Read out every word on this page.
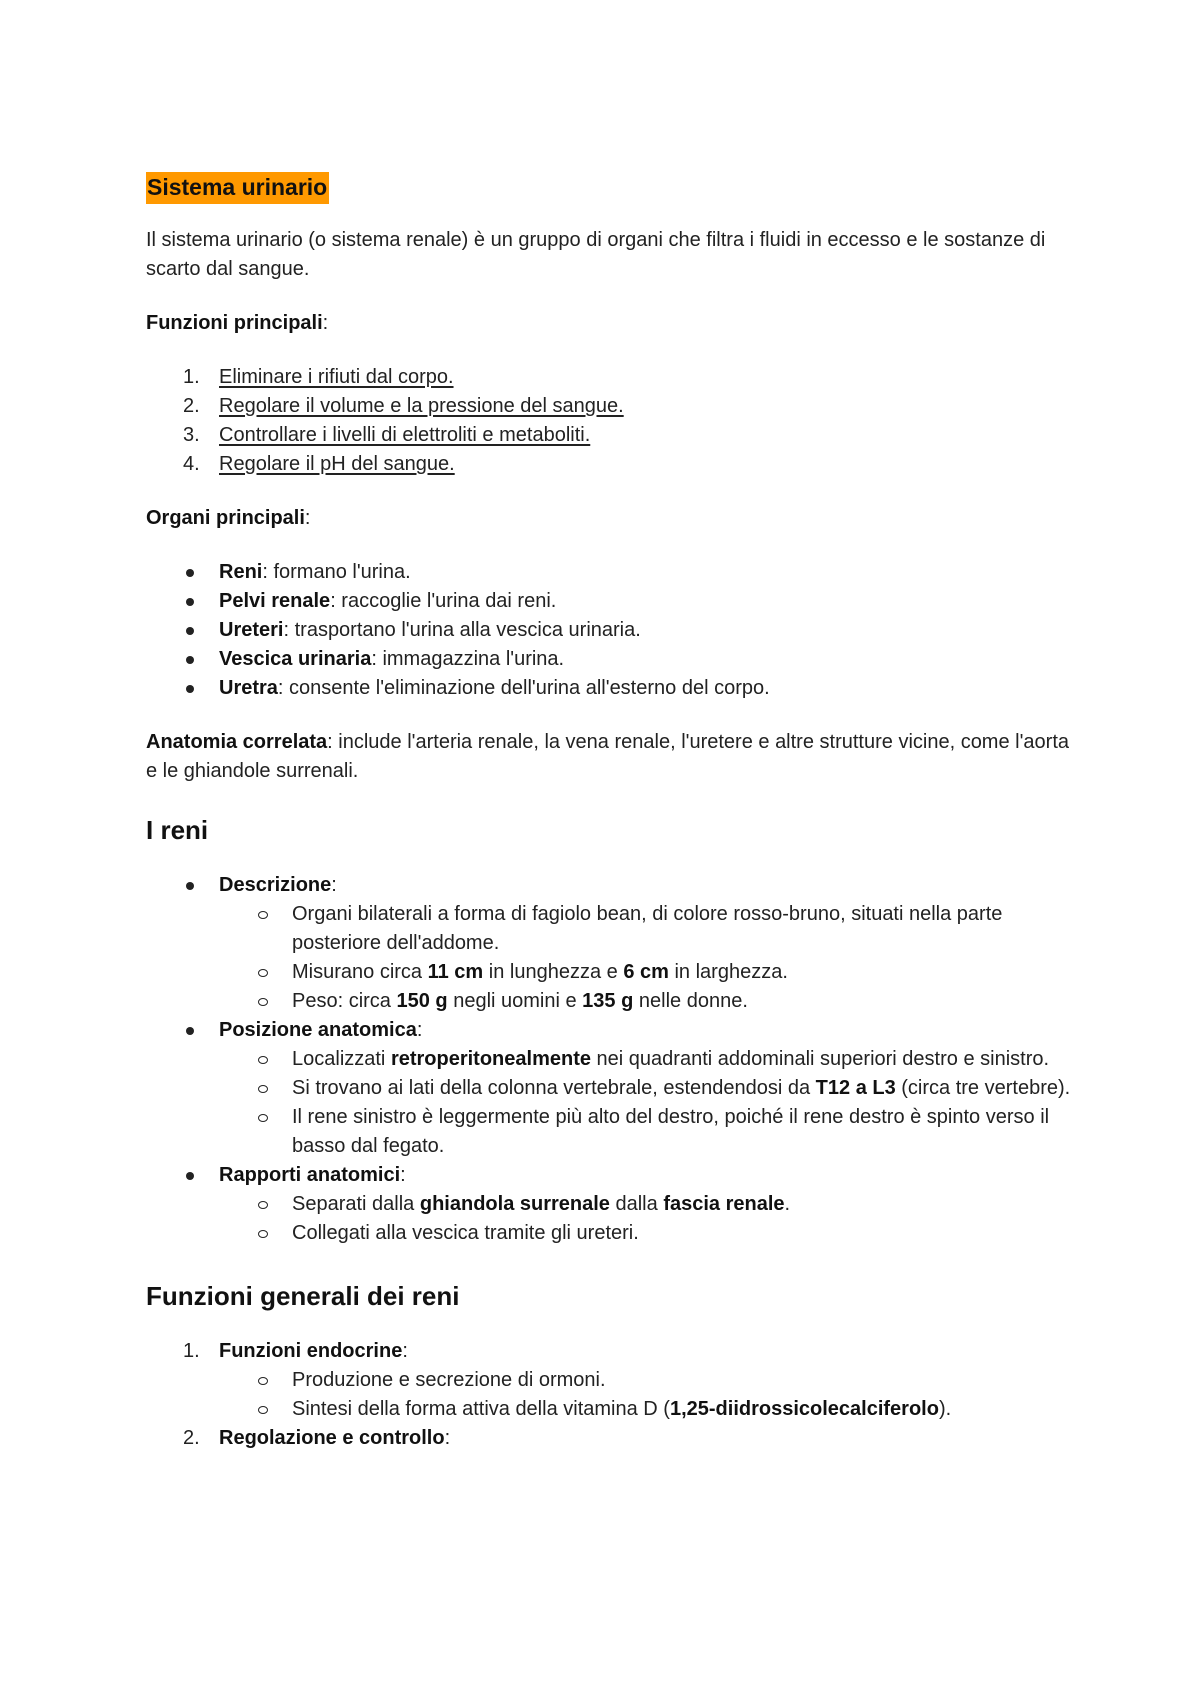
Sistema urinario

Il sistema urinario (o sistema renale) è un gruppo di organi che filtra i fluidi in eccesso e le sostanze di scarto dal sangue.

Funzioni principali:

1. Eliminare i rifiuti dal corpo.
2. Regolare il volume e la pressione del sangue.
3. Controllare i livelli di elettroliti e metaboliti.
4. Regolare il pH del sangue.

Organi principali:

Reni: formano l'urina.
Pelvi renale: raccoglie l'urina dai reni.
Ureteri: trasportano l'urina alla vescica urinaria.
Vescica urinaria: immagazzina l'urina.
Uretra: consente l'eliminazione dell'urina all'esterno del corpo.

Anatomia correlata: include l'arteria renale, la vena renale, l'uretere e altre strutture vicine, come l'aorta e le ghiandole surrenali.

I reni
Descrizione:
Organi bilaterali a forma di fagiolo bean, di colore rosso-bruno, situati nella parte posteriore dell'addome.
Misurano circa 11 cm in lunghezza e 6 cm in larghezza.
Peso: circa 150 g negli uomini e 135 g nelle donne.
Posizione anatomica:
Localizzati retroperitonealmente nei quadranti addominali superiori destro e sinistro.
Si trovano ai lati della colonna vertebrale, estendendosi da T12 a L3 (circa tre vertebre).
Il rene sinistro è leggermente più alto del destro, poiché il rene destro è spinto verso il basso dal fegato.
Rapporti anatomici:
Separati dalla ghiandola surrenale dalla fascia renale.
Collegati alla vescica tramite gli ureteri.
Funzioni generali dei reni
1. Funzioni endocrine:
Produzione e secrezione di ormoni.
Sintesi della forma attiva della vitamina D (1,25-diidrossicolecalciferolo).
2. Regolazione e controllo:
